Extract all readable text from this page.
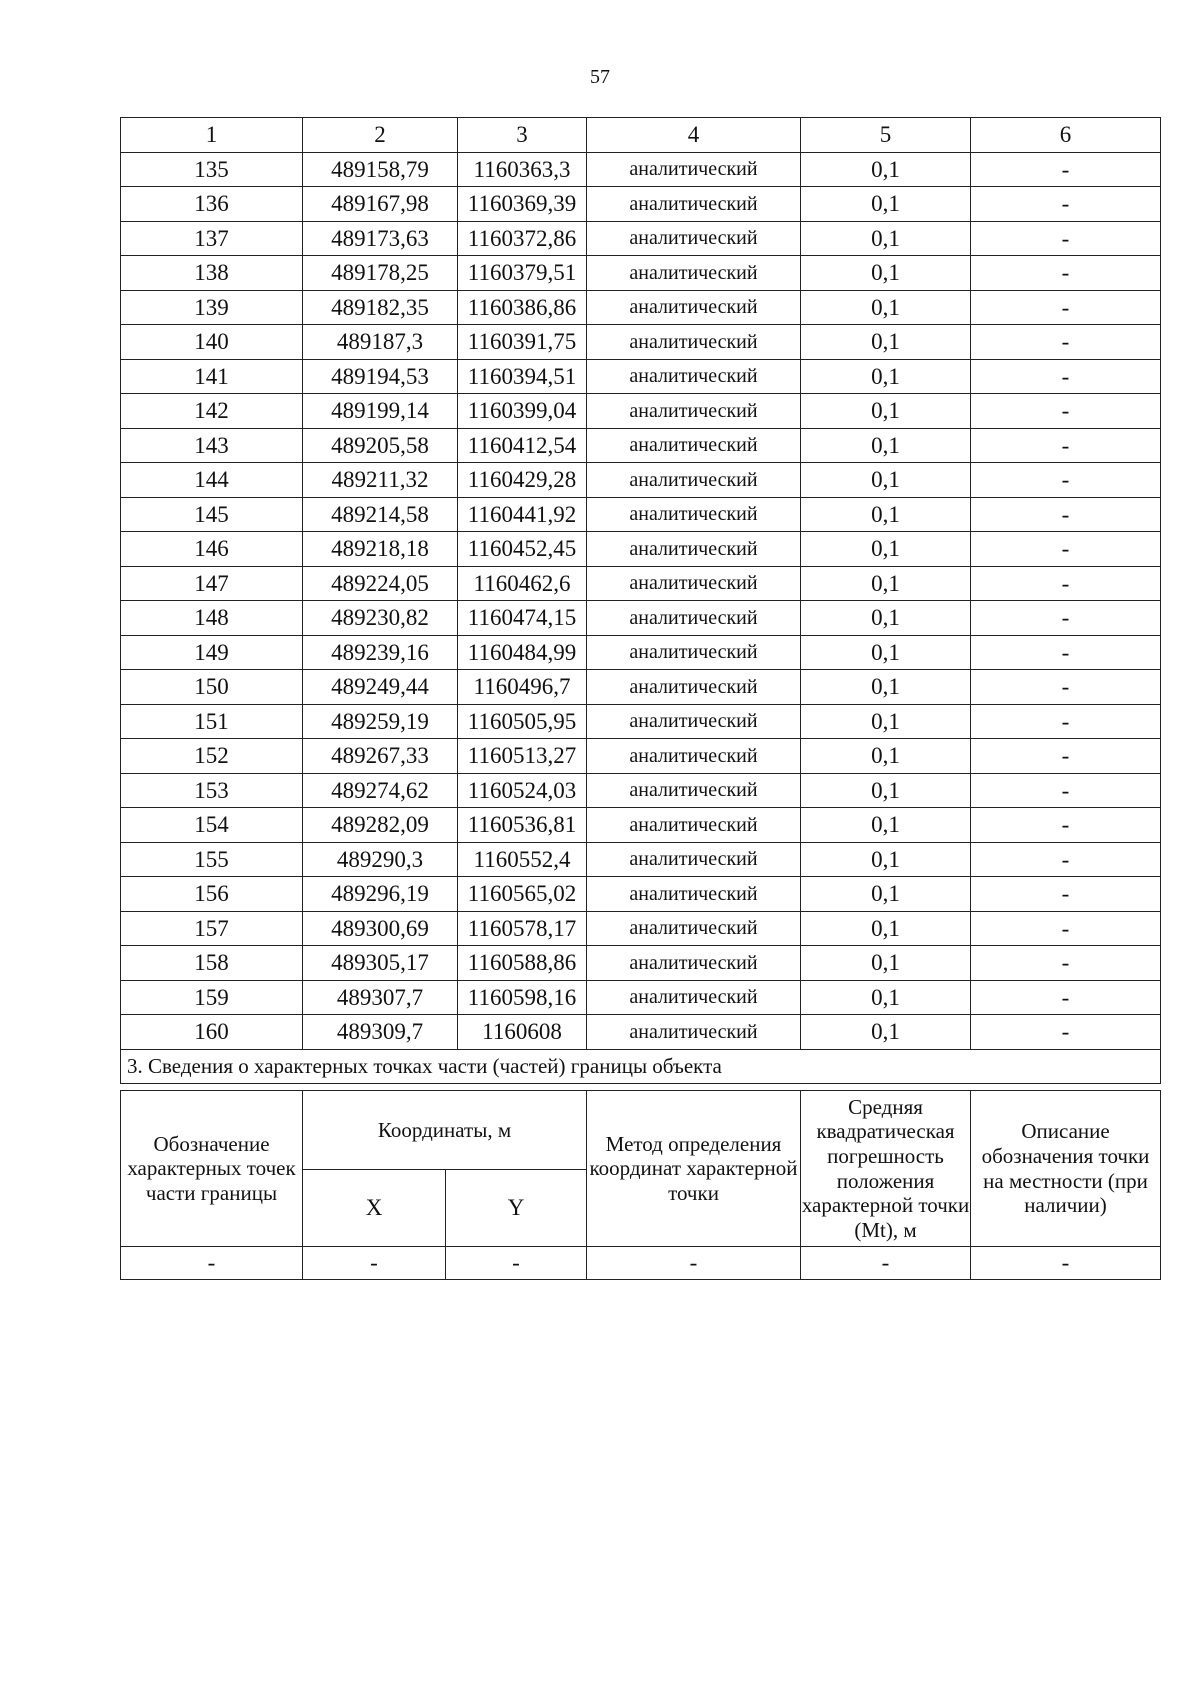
57
1	2	3	4	5	6
135	489158,79	1160363,3	аналитический	0,1	-
136	489167,98	1160369,39	аналитический	0,1	-
137	489173,63	1160372,86	аналитический	0,1	-
138	489178,25	1160379,51	аналитический	0,1	-
139	489182,35	1160386,86	аналитический	0,1	-
140	489187,3	1160391,75	аналитический	0,1	-
141	489194,53	1160394,51	аналитический	0,1	-
142	489199,14	1160399,04	аналитический	0,1	-
143	489205,58	1160412,54	аналитический	0,1	-
144	489211,32	1160429,28	аналитический	0,1	-
145	489214,58	1160441,92	аналитический	0,1	-
146	489218,18	1160452,45	аналитический	0,1	-
147	489224,05	1160462,6	аналитический	0,1	-
148	489230,82	1160474,15	аналитический	0,1	-
149	489239,16	1160484,99	аналитический	0,1	-
150	489249,44	1160496,7	аналитический	0,1	-
151	489259,19	1160505,95	аналитический	0,1	-
152	489267,33	1160513,27	аналитический	0,1	-
153	489274,62	1160524,03	аналитический	0,1	-
154	489282,09	1160536,81	аналитический	0,1	-
155	489290,3	1160552,4	аналитический	0,1	-
156	489296,19	1160565,02	аналитический	0,1	-
157	489300,69	1160578,17	аналитический	0,1	-
158	489305,17	1160588,86	аналитический	0,1	-
159	489307,7	1160598,16	аналитический	0,1	-
160	489309,7	1160608	аналитический	0,1	-
3. Сведения о характерных точках части (частей) границы объекта					
Обозначение характерных точек части границы	Координаты, м		Метод определения координат характерной точки	Средняя квадратическая погрешность положения характерной точки (Mt), м	Описание обозначения точки на местности (при наличии)
	X	Y			
-	-	-	-	-	-
